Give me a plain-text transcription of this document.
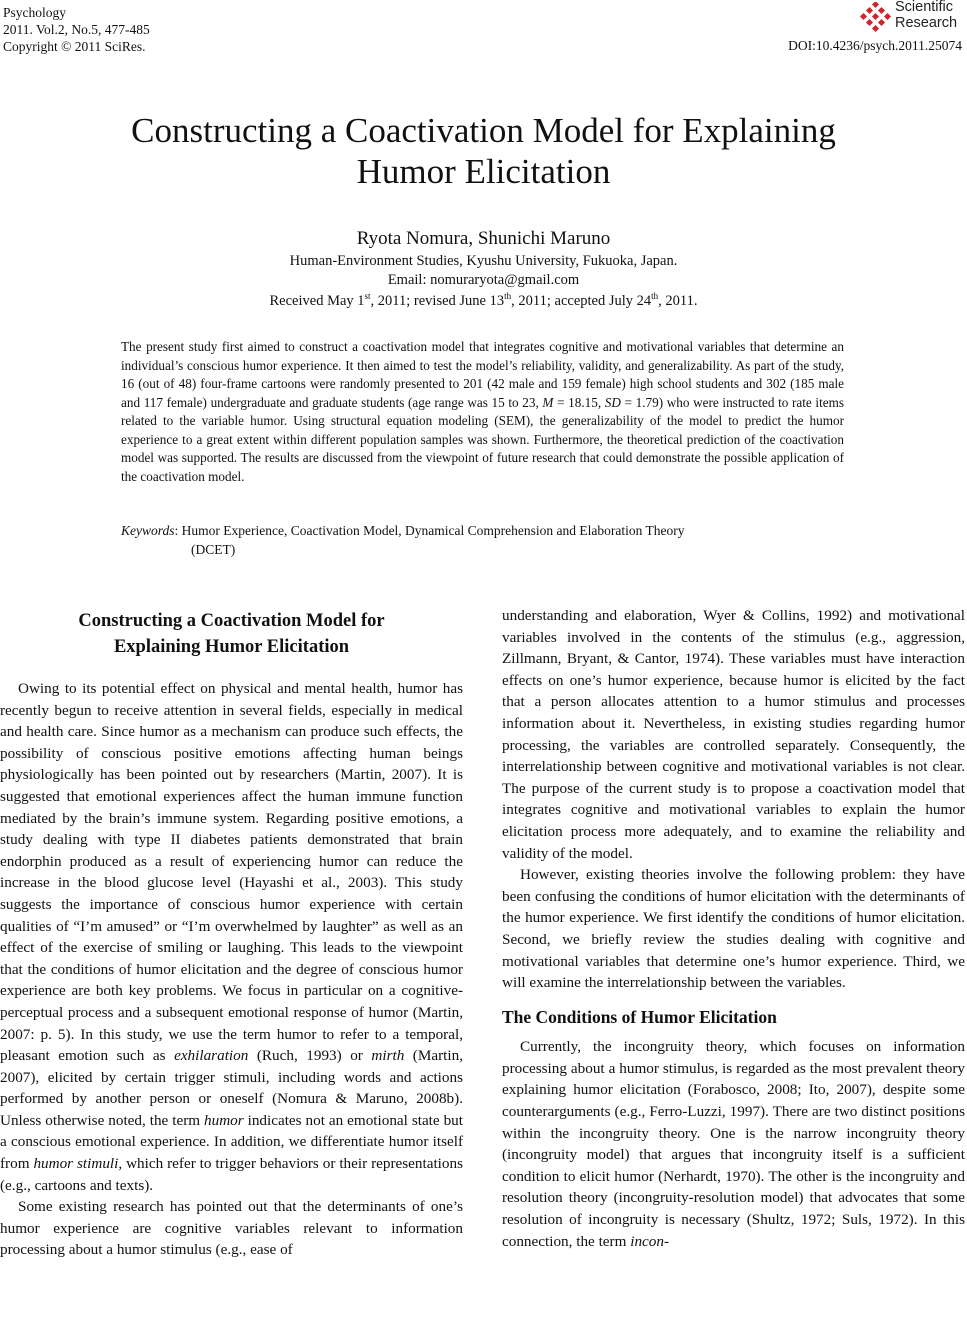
Psychology
2011. Vol.2, No.5, 477-485
Copyright © 2011 SciRes.
Scientific
Research
DOI:10.4236/psych.2011.25074
Constructing a Coactivation Model for Explaining
Humor Elicitation
Ryota Nomura, Shunichi Maruno
Human-Environment Studies, Kyushu University, Fukuoka, Japan.
Email: nomuraryota@gmail.com
Received May 1st, 2011; revised June 13th, 2011; accepted July 24th, 2011.
The present study first aimed to construct a coactivation model that integrates cognitive and motivational variables that determine an individual’s conscious humor experience. It then aimed to test the model’s reliability, validity, and generalizability. As part of the study, 16 (out of 48) four-frame cartoons were randomly presented to 201 (42 male and 159 female) high school students and 302 (185 male and 117 female) undergraduate and graduate students (age range was 15 to 23, M = 18.15, SD = 1.79) who were instructed to rate items related to the variable humor. Using structural equation modeling (SEM), the generalizability of the model to predict the humor experience to a great extent within different population samples was shown. Furthermore, the theoretical prediction of the coactivation model was supported. The results are discussed from the viewpoint of future research that could demonstrate the possible application of the coactivation model.
Keywords: Humor Experience, Coactivation Model, Dynamical Comprehension and Elaboration Theory
(DCET)
Constructing a Coactivation Model for
Explaining Humor Elicitation

Owing to its potential effect on physical and mental health, humor has recently begun to receive attention in several fields, especially in medical and health care. Since humor as a mechanism can produce such effects, the possibility of conscious positive emotions affecting human beings physiologically has been pointed out by researchers (Martin, 2007). It is suggested that emotional experiences affect the human immune function mediated by the brain’s immune system. Regarding positive emotions, a study dealing with type II diabetes patients demonstrated that brain endorphin produced as a result of experiencing humor can reduce the increase in the blood glucose level (Hayashi et al., 2003). This study suggests the importance of conscious humor experience with certain qualities of “I’m amused” or “I’m overwhelmed by laughter” as well as an effect of the exercise of smiling or laughing. This leads to the viewpoint that the conditions of humor elicitation and the degree of conscious humor experience are both key problems. We focus in particular on a cognitive-perceptual process and a subsequent emotional response of humor (Martin, 2007: p. 5). In this study, we use the term humor to refer to a temporal, pleasant emotion such as exhilaration (Ruch, 1993) or mirth (Martin, 2007), elicited by certain trigger stimuli, including words and actions performed by another person or oneself (Nomura & Maruno, 2008b). Unless otherwise noted, the term humor indicates not an emotional state but a conscious emotional experience. In addition, we differentiate humor itself from humor stimuli, which refer to trigger behaviors or their representations (e.g., cartoons and texts).

Some existing research has pointed out that the determinants of one’s humor experience are cognitive variables relevant to information processing about a humor stimulus (e.g., ease of

understanding and elaboration, Wyer & Collins, 1992) and motivational variables involved in the contents of the stimulus (e.g., aggression, Zillmann, Bryant, & Cantor, 1974). These variables must have interaction effects on one’s humor experience, because humor is elicited by the fact that a person allocates attention to a humor stimulus and processes information about it. Nevertheless, in existing studies regarding humor processing, the variables are controlled separately. Consequently, the interrelationship between cognitive and motivational variables is not clear. The purpose of the current study is to propose a coactivation model that integrates cognitive and motivational variables to explain the humor elicitation process more adequately, and to examine the reliability and validity of the model.

However, existing theories involve the following problem: they have been confusing the conditions of humor elicitation with the determinants of the humor experience. We first identify the conditions of humor elicitation. Second, we briefly review the studies dealing with cognitive and motivational variables that determine one’s humor experience. Third, we will examine the interrelationship between the variables.

The Conditions of Humor Elicitation

Currently, the incongruity theory, which focuses on information processing about a humor stimulus, is regarded as the most prevalent theory explaining humor elicitation (Forabosco, 2008; Ito, 2007), despite some counterarguments (e.g., Ferro-Luzzi, 1997). There are two distinct positions within the incongruity theory. One is the narrow incongruity theory (incongruity model) that argues that incongruity itself is a sufficient condition to elicit humor (Nerhardt, 1970). The other is the incongruity and resolution theory (incongruity-resolution model) that advocates that some resolution of incongruity is necessary (Shultz, 1972; Suls, 1972). In this connection, the term incon-
